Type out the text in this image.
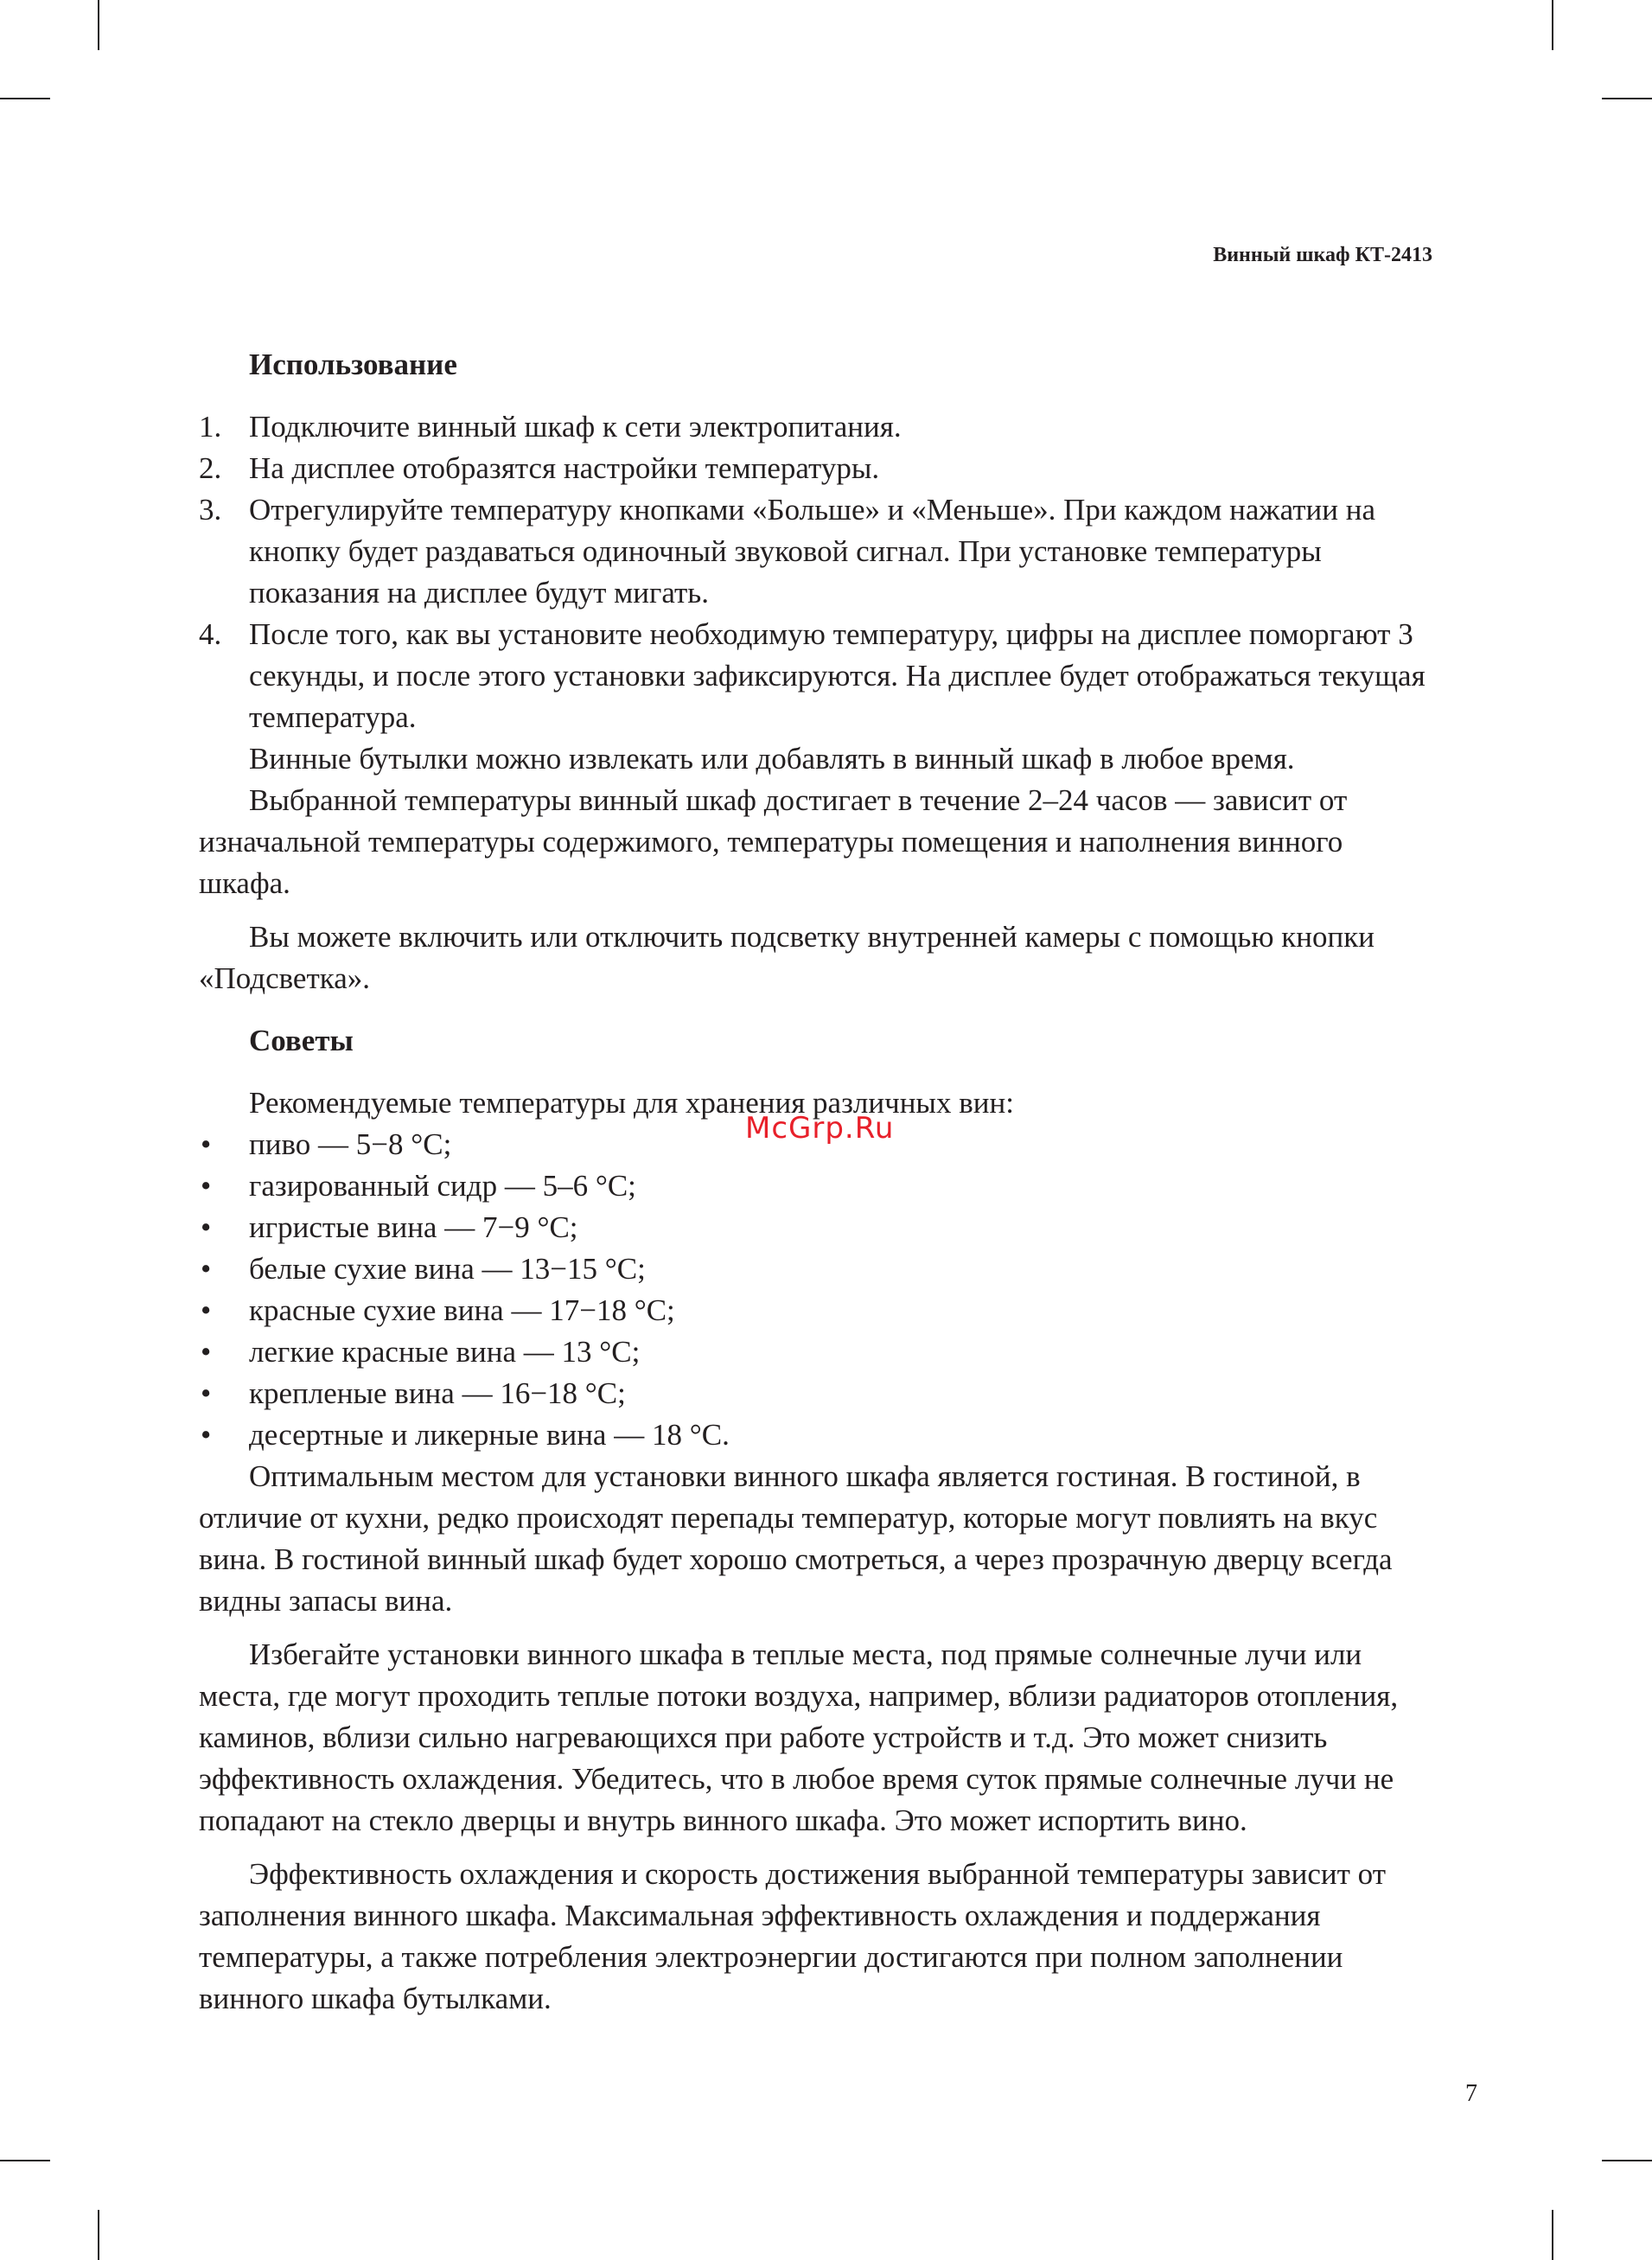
Винный шкаф КТ-2413
Использование
1. Подключите винный шкаф к сети электропитания.
2. На дисплее отобразятся настройки температуры.
3. Отрегулируйте температуру кнопками «Больше» и «Меньше». При каждом нажатии на кнопку будет раздаваться одиночный звуковой сигнал. При установке температуры показания на дисплее будут мигать.
4. После того, как вы установите необходимую температуру, цифры на дисплее поморгают 3 секунды, и после этого установки зафиксируются. На дисплее будет отображаться текущая температура.

Винные бутылки можно извлекать или добавлять в винный шкаф в любое время.

Выбранной температуры винный шкаф достигает в течение 2–24 часов — зависит от изначальной температуры содержимого, температуры помещения и наполнения винного шкафа.

Вы можете включить или отключить подсветку внутренней камеры с помощью кнопки «Подсветка».

Советы

Рекомендуемые температуры для хранения различных вин:

• пиво — 5−8 °C;
• газированный сидр — 5–6 °C;
• игристые вина — 7−9 °C;
• белые сухие вина — 13−15 °C;
• красные сухие вина — 17−18 °C;
• легкие красные вина — 13 °C;
• крепленые вина — 16−18 °C;
• десертные и ликерные вина — 18 °C.

Оптимальным местом для установки винного шкафа является гостиная. В гостиной, в отличие от кухни, редко происходят перепады температур, которые могут повлиять на вкус вина. В гостиной винный шкаф будет хорошо смотреться, а через прозрачную дверцу всегда видны запасы вина.

Избегайте установки винного шкафа в теплые места, под прямые солнечные лучи или места, где могут проходить теплые потоки воздуха, например, вблизи радиаторов отопления, каминов, вблизи сильно нагревающихся при работе устройств и т.д. Это может снизить эффективность охлаждения. Убедитесь, что в любое время суток прямые солнечные лучи не попадают на стекло дверцы и внутрь винного шкафа. Это может испортить вино.

Эффективность охлаждения и скорость достижения выбранной температуры зависит от заполнения винного шкафа. Максимальная эффективность охлаждения и поддержания температуры, а также потребления электроэнергии достигаются при полном заполнении винного шкафа бутылками.

McGrp.Ru
7
